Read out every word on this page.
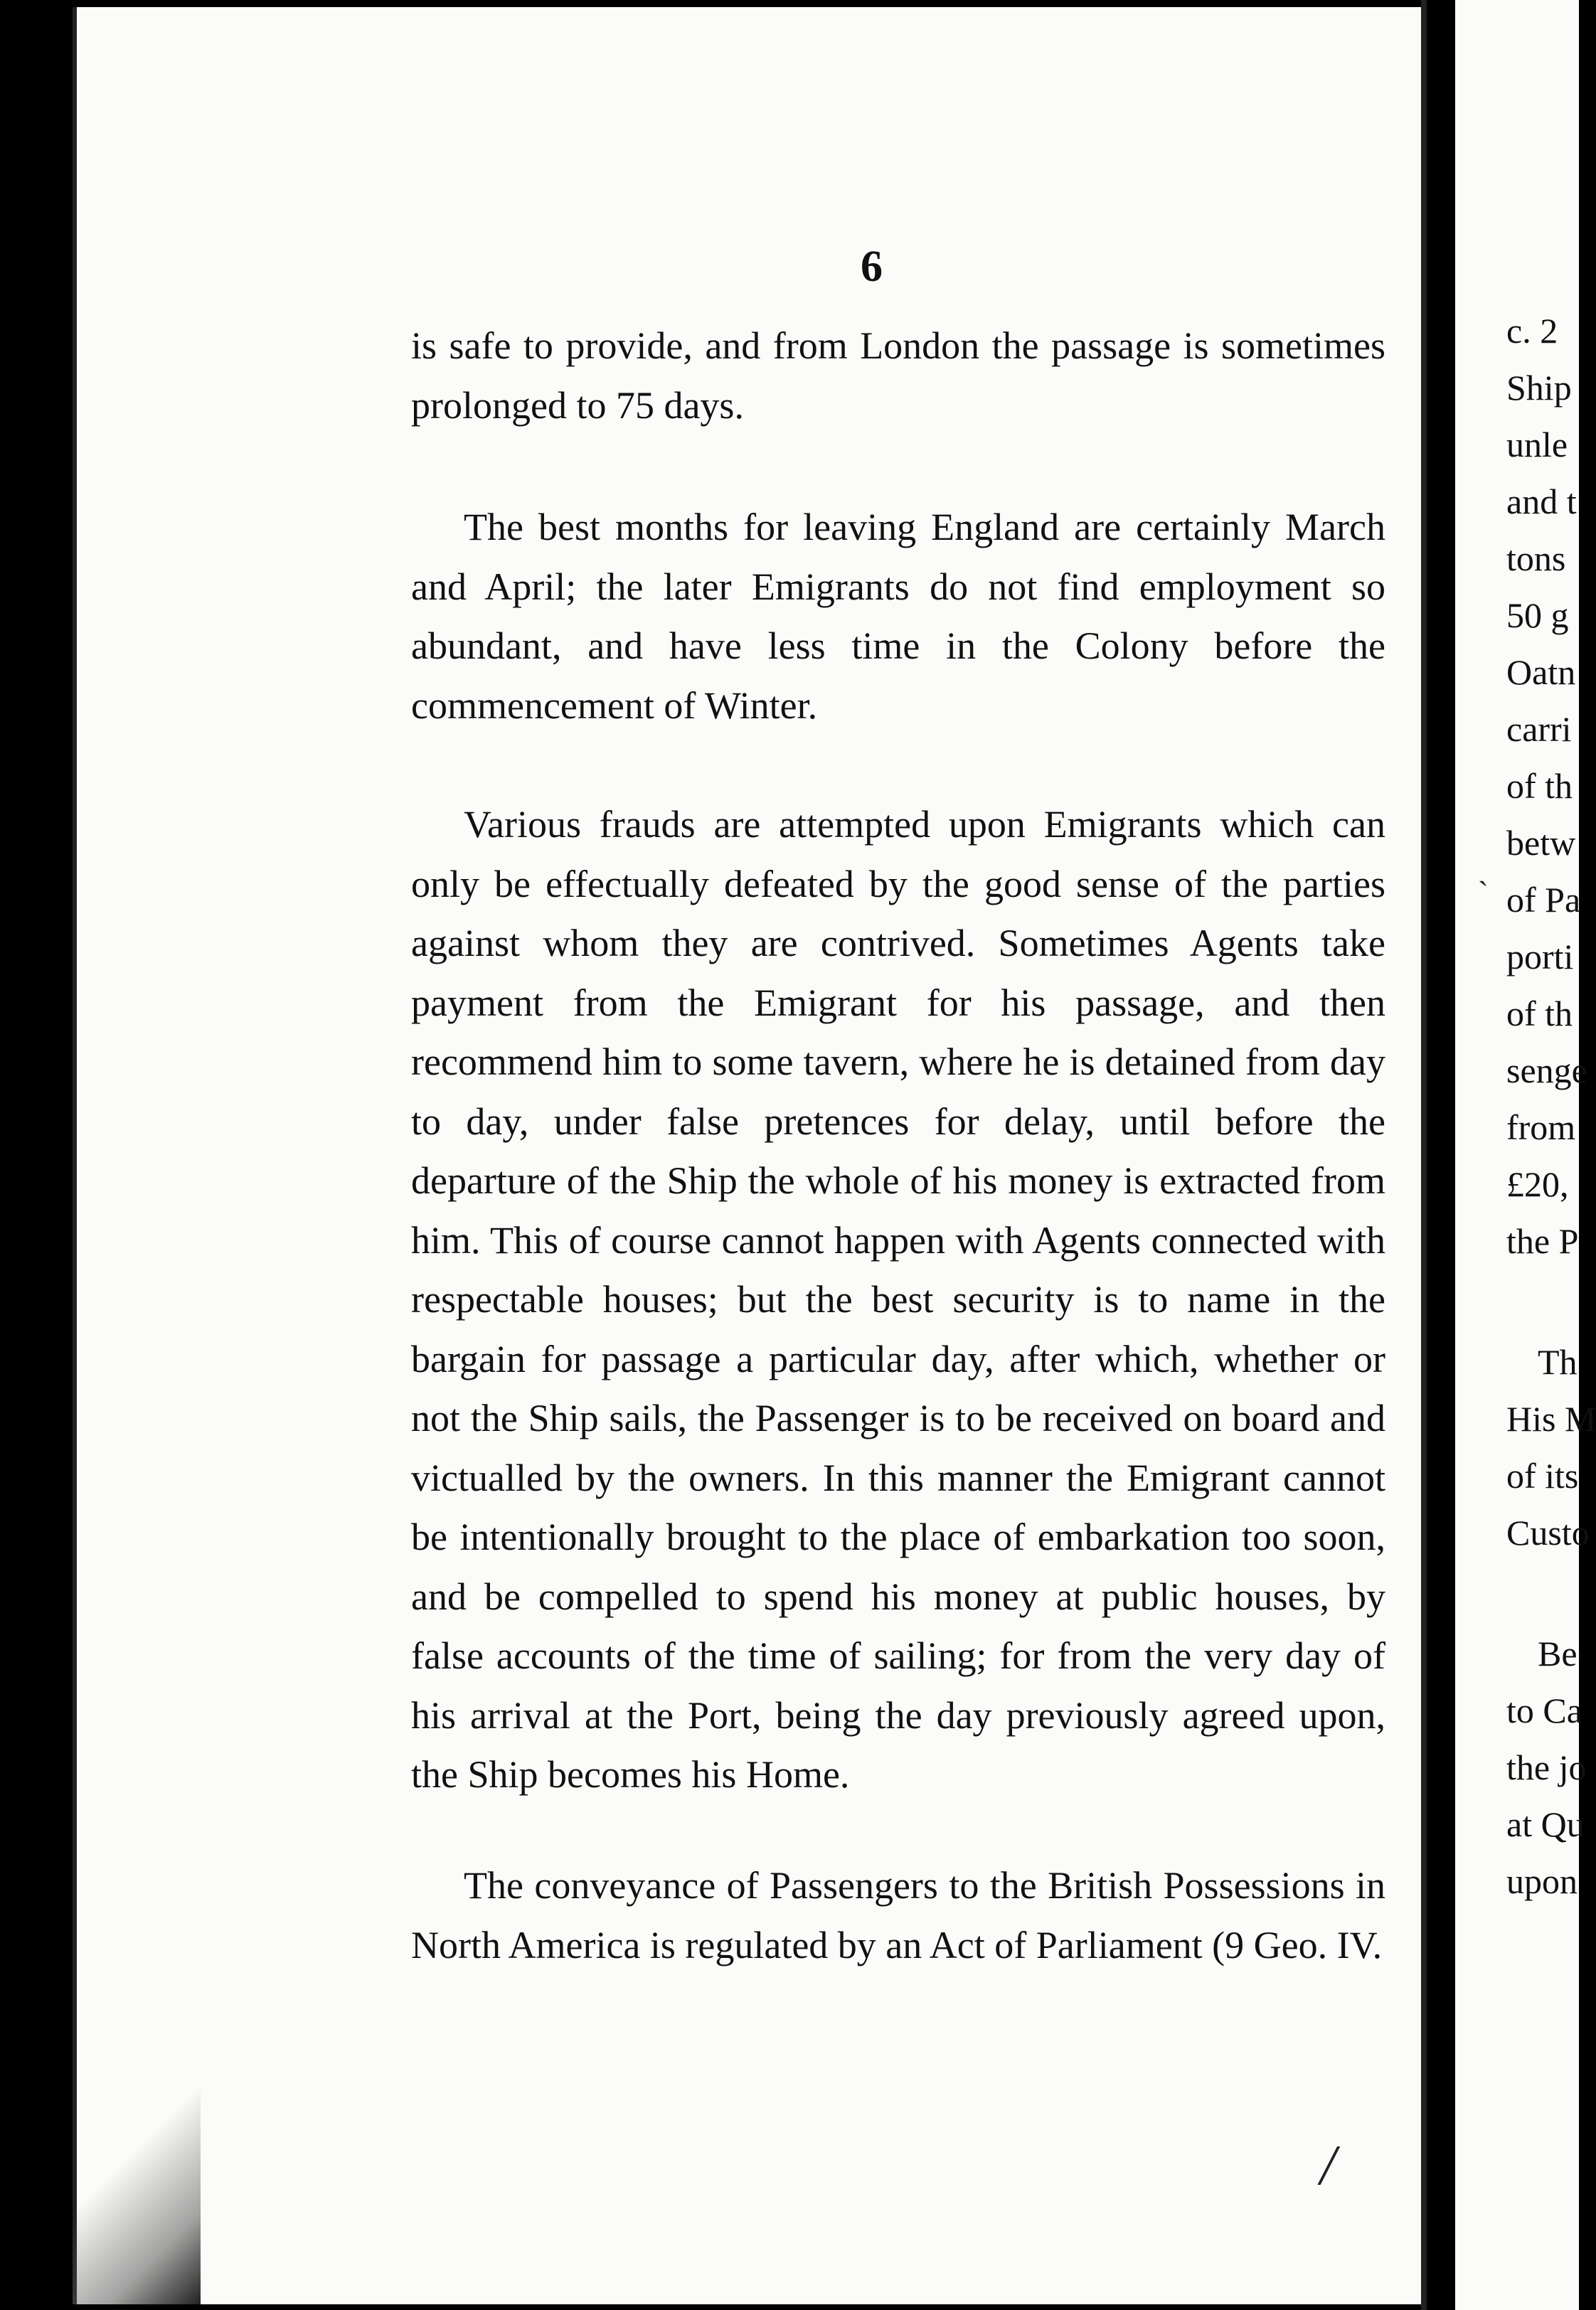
6

is safe to provide, and from London the passage is sometimes prolonged to 75 days.

The best months for leaving England are certainly March and April; the later Emigrants do not find employment so abundant, and have less time in the Colony before the commencement of Winter.

Various frauds are attempted upon Emigrants which can only be effectually defeated by the good sense of the parties against whom they are contrived. Sometimes Agents take payment from the Emigrant for his passage, and then recommend him to some tavern, where he is detained from day to day, under false pretences for delay, until before the departure of the Ship the whole of his money is extracted from him. This of course cannot happen with Agents connected with respectable houses; but the best security is to name in the bargain for passage a particular day, after which, whether or not the Ship sails, the Passenger is to be received on board and victualled by the owners. In this manner the Emigrant cannot be intentionally brought to the place of embarkation too soon, and be compelled to spend his money at public houses, by false accounts of the time of sailing; for from the very day of his arrival at the Port, being the day previously agreed upon, the Ship becomes his Home.

The conveyance of Passengers to the British Possessions in North America is regulated by an Act of Parliament (9 Geo. IV.

/
c. 2
Ship
unle
and t
tons
50 g
Oatn
carri
of th
betw
of Pa
porti
of th
senge
from
£20,
the P
Th
His M
of its
Custo
Be
to Ca
the jo
at Qu
upon
`
